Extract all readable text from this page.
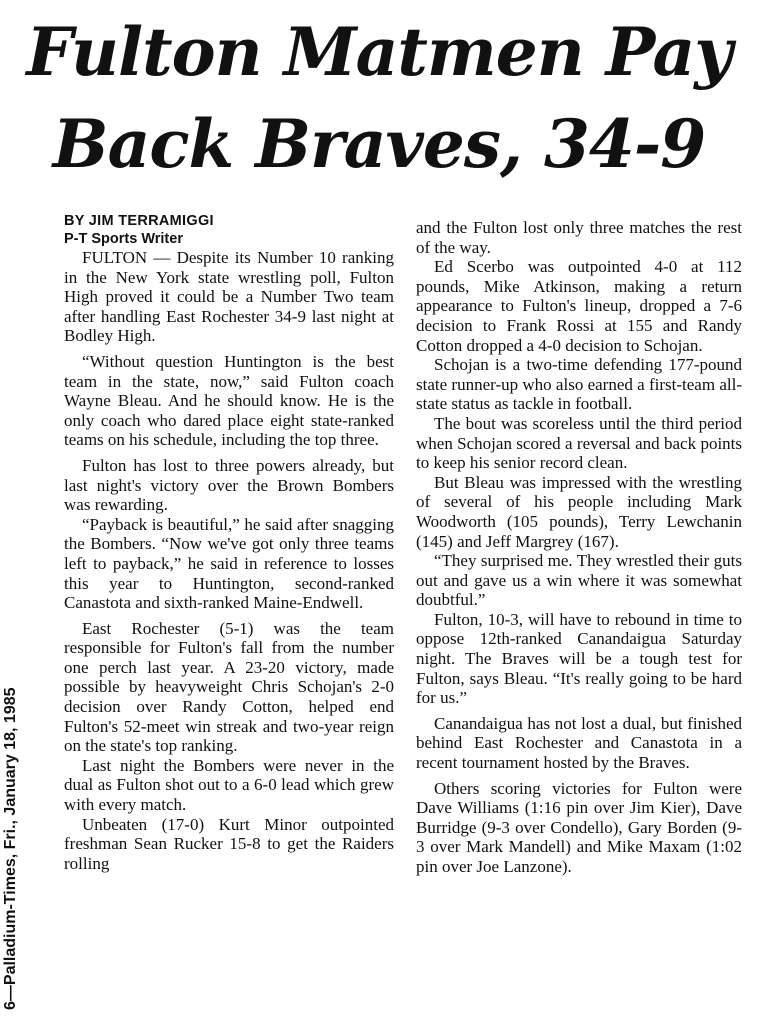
Fulton Matmen Pay
Back Braves, 34-9
6—Palladium-Times, Fri., January 18, 1985
BY JIM TERRAMIGGI
P-T Sports Writer

FULTON — Despite its Number 10 ranking in the New York state wrestling poll, Fulton High proved it could be a Number Two team after handling East Rochester 34-9 last night at Bodley High.

“Without question Huntington is the best team in the state, now,” said Fulton coach Wayne Bleau. And he should know. He is the only coach who dared place eight state-ranked teams on his schedule, including the top three.

Fulton has lost to three powers already, but last night's victory over the Brown Bombers was rewarding.

“Payback is beautiful,” he said after snagging the Bombers. “Now we've got only three teams left to payback,” he said in reference to losses this year to Huntington, second-ranked Canastota and sixth-ranked Maine-Endwell.

East Rochester (5-1) was the team responsible for Fulton's fall from the number one perch last year. A 23-20 victory, made possible by heavyweight Chris Schojan's 2-0 decision over Randy Cotton, helped end Fulton's 52-meet win streak and two-year reign on the state's top ranking.

Last night the Bombers were never in the dual as Fulton shot out to a 6-0 lead which grew with every match.

Unbeaten (17-0) Kurt Minor outpointed freshman Sean Rucker 15-8 to get the Raiders rolling

and the Fulton lost only three matches the rest of the way.

Ed Scerbo was outpointed 4-0 at 112 pounds, Mike Atkinson, making a return appearance to Fulton's lineup, dropped a 7-6 decision to Frank Rossi at 155 and Randy Cotton dropped a 4-0 decision to Schojan.

Schojan is a two-time defending 177-pound state runner-up who also earned a first-team all-state status as tackle in football.

The bout was scoreless until the third period when Schojan scored a reversal and back points to keep his senior record clean.

But Bleau was impressed with the wrestling of several of his people including Mark Woodworth (105 pounds), Terry Lewchanin (145) and Jeff Margrey (167).

“They surprised me. They wrestled their guts out and gave us a win where it was somewhat doubtful.”

Fulton, 10-3, will have to rebound in time to oppose 12th-ranked Canandaigua Saturday night. The Braves will be a tough test for Fulton, says Bleau. “It's really going to be hard for us.”

Canandaigua has not lost a dual, but finished behind East Rochester and Canastota in a recent tournament hosted by the Braves.

Others scoring victories for Fulton were Dave Williams (1:16 pin over Jim Kier), Dave Burridge (9-3 over Condello), Gary Borden (9-3 over Mark Mandell) and Mike Maxam (1:02 pin over Joe Lanzone).
